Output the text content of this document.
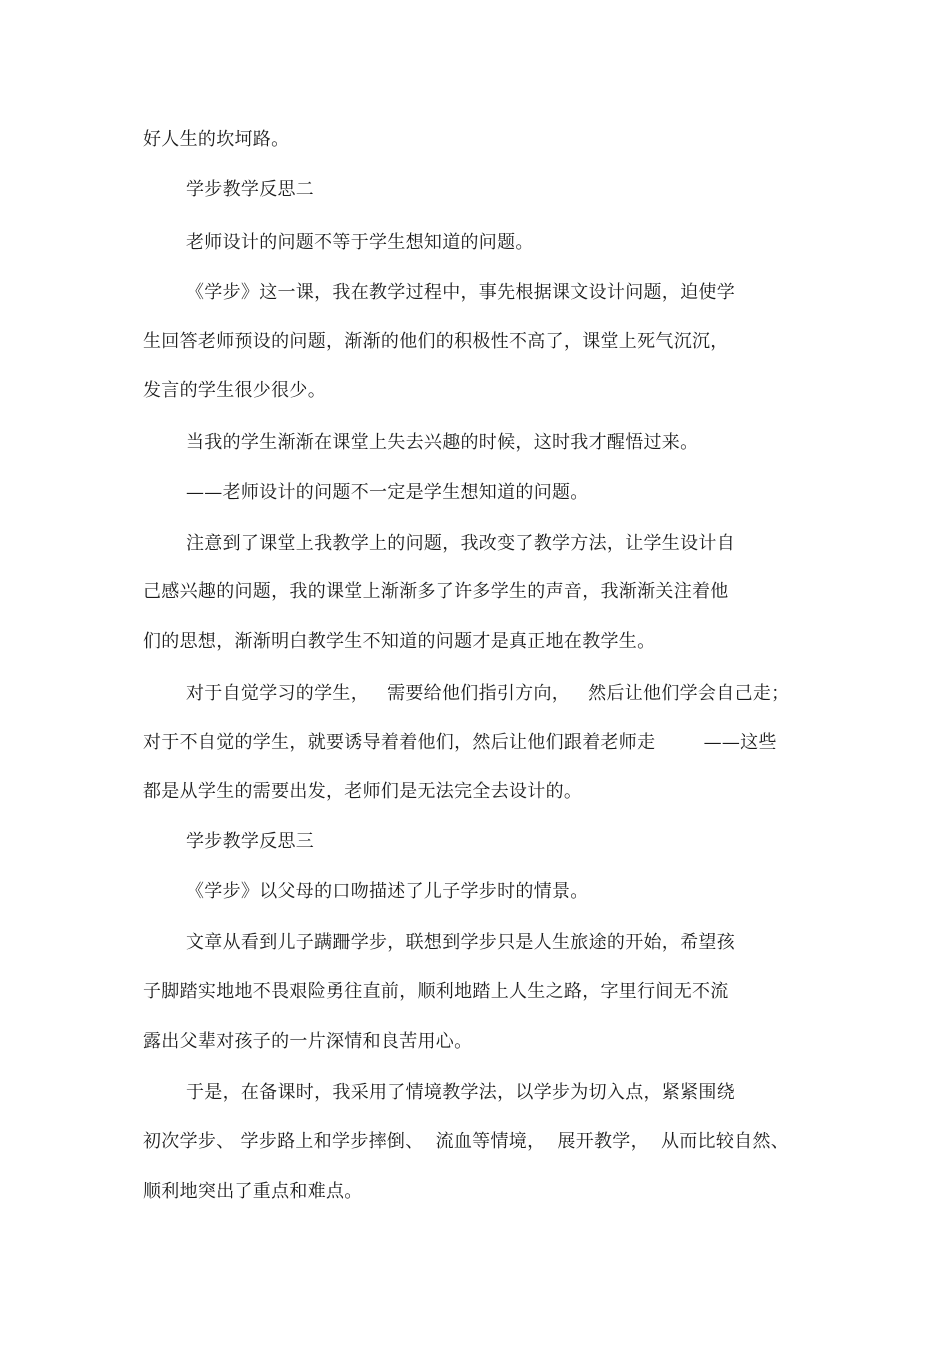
好人生的坎坷路。
学步教学反思二
老师设计的问题不等于学生想知道的问题。
《学步》这一课，我在教学过程中，事先根据课文设计问题，迫使学
生回答老师预设的问题，渐渐的他们的积极性不高了，课堂上死气沉沉，
发言的学生很少很少。
当我的学生渐渐在课堂上失去兴趣的时候，这时我才醒悟过来。
——老师设计的问题不一定是学生想知道的问题。
注意到了课堂上我教学上的问题，我改变了教学方法，让学生设计自
己感兴趣的问题，我的课堂上渐渐多了许多学生的声音，我渐渐关注着他
们的思想，渐渐明白教学生不知道的问题才是真正地在教学生。
对于自觉学习的学生，   需要给他们指引方向，   然后让他们学会自己走；
对于不自觉的学生，就要诱导着着他们，然后让他们跟着老师走        ——这些
都是从学生的需要出发，老师们是无法完全去设计的。
学步教学反思三
《学步》以父母的口吻描述了儿子学步时的情景。
文章从看到儿子蹒跚学步，联想到学步只是人生旅途的开始，希望孩
子脚踏实地地不畏艰险勇往直前，顺利地踏上人生之路，字里行间无不流
露出父辈对孩子的一片深情和良苦用心。
于是，在备课时，我采用了情境教学法，以学步为切入点，紧紧围绕
初次学步、 学步路上和学步摔倒、  流血等情境，  展开教学，  从而比较自然、
顺利地突出了重点和难点。
